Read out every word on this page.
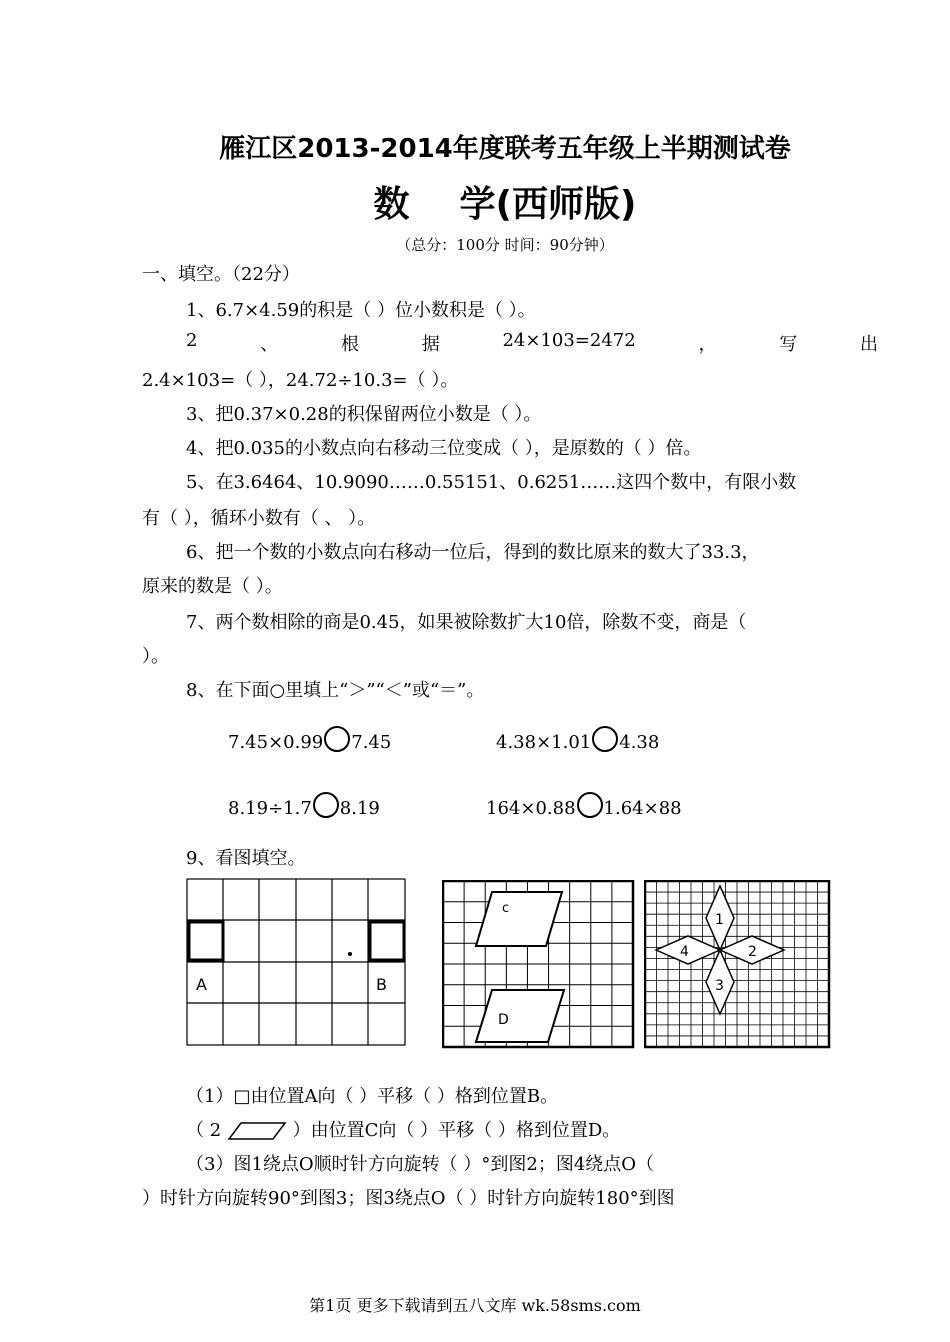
雁江区2013-2014年度联考五年级上半期测试卷
数 学(西师版)
（总分：100分 时间：90分钟）
一、填空。（22分）
1、6.7×4.59的积是（ ）位小数积是（ ）。
2	、	根	据	24×103=2472	，	写	出
2.4×103=（ ），24.72÷10.3=（ ）。
3、把0.37×0.28的积保留两位小数是（ ）。
4、把0.035的小数点向右移动三位变成（ ），是原数的（ ）倍。
5、在3.6464、10.9090……0.55151、0.6251……这四个数中，有限小数
有（ ），循环小数有（ 、 ）。
6、把一个数的小数点向右移动一位后，得到的数比原来的数大了33.3，
原来的数是（ ）。
7、两个数相除的商是0.45，如果被除数扩大10倍，除数不变，商是（
）。
8、在下面○里填上“＞”“＜”或“＝”。
7.45×0.99 7.45	4.38×1.01 4.38
8.19÷1.7 8.19	164×0.88 1.64×88
9、看图填空。
A	B
c
D
1
2
3
4
（1）□由位置A向（ ）平移（ ）格到位置B。
（ 2	）由位置C向（ ）平移（ ）格到位置D。
（3）图1绕点O顺时针方向旋转（ ）°到图2；图4绕点O（
）时针方向旋转90°到图3；图3绕点O（ ）时针方向旋转180°到图
第1页 更多下载请到五八文库 wk.58sms.com
